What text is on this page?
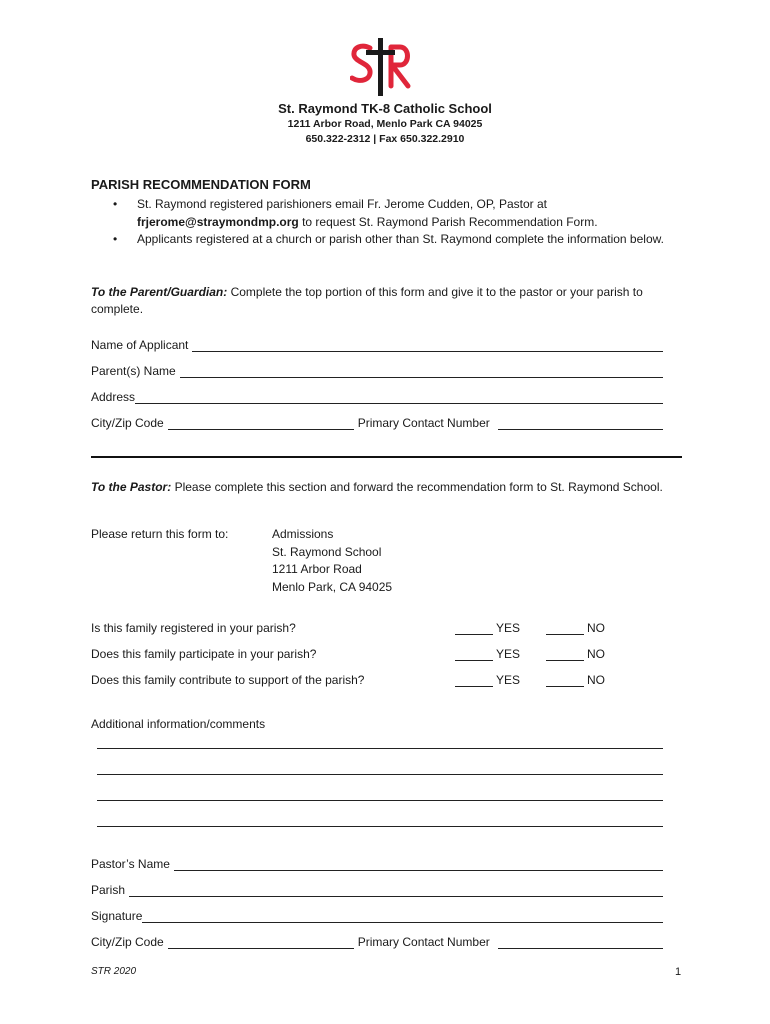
St. Raymond TK-8 Catholic School
1211 Arbor Road, Menlo Park CA 94025
650.322-2312 | Fax 650.322.2910
PARISH RECOMMENDATION FORM
• St. Raymond registered parishioners email Fr. Jerome Cudden, OP, Pastor at
frjerome@straymondmp.org to request St. Raymond Parish Recommendation Form.
• Applicants registered at a church or parish other than St. Raymond complete the information below.
To the Parent/Guardian: Complete the top portion of this form and give it to the pastor or your parish to complete.
Name of Applicant
Parent(s) Name
Address
City/Zip Code	Primary Contact Number
To the Pastor: Please complete this section and forward the recommendation form to St. Raymond School.
Please return this form to:	Admissions
St. Raymond School
1211 Arbor Road
Menlo Park, CA 94025
Is this family registered in your parish?	YES	NO
Does this family participate in your parish?	YES	NO
Does this family contribute to support of the parish?	YES	NO
Additional information/comments
Pastor’s Name
Parish
Signature
City/Zip Code	Primary Contact Number
STR 2020	1
